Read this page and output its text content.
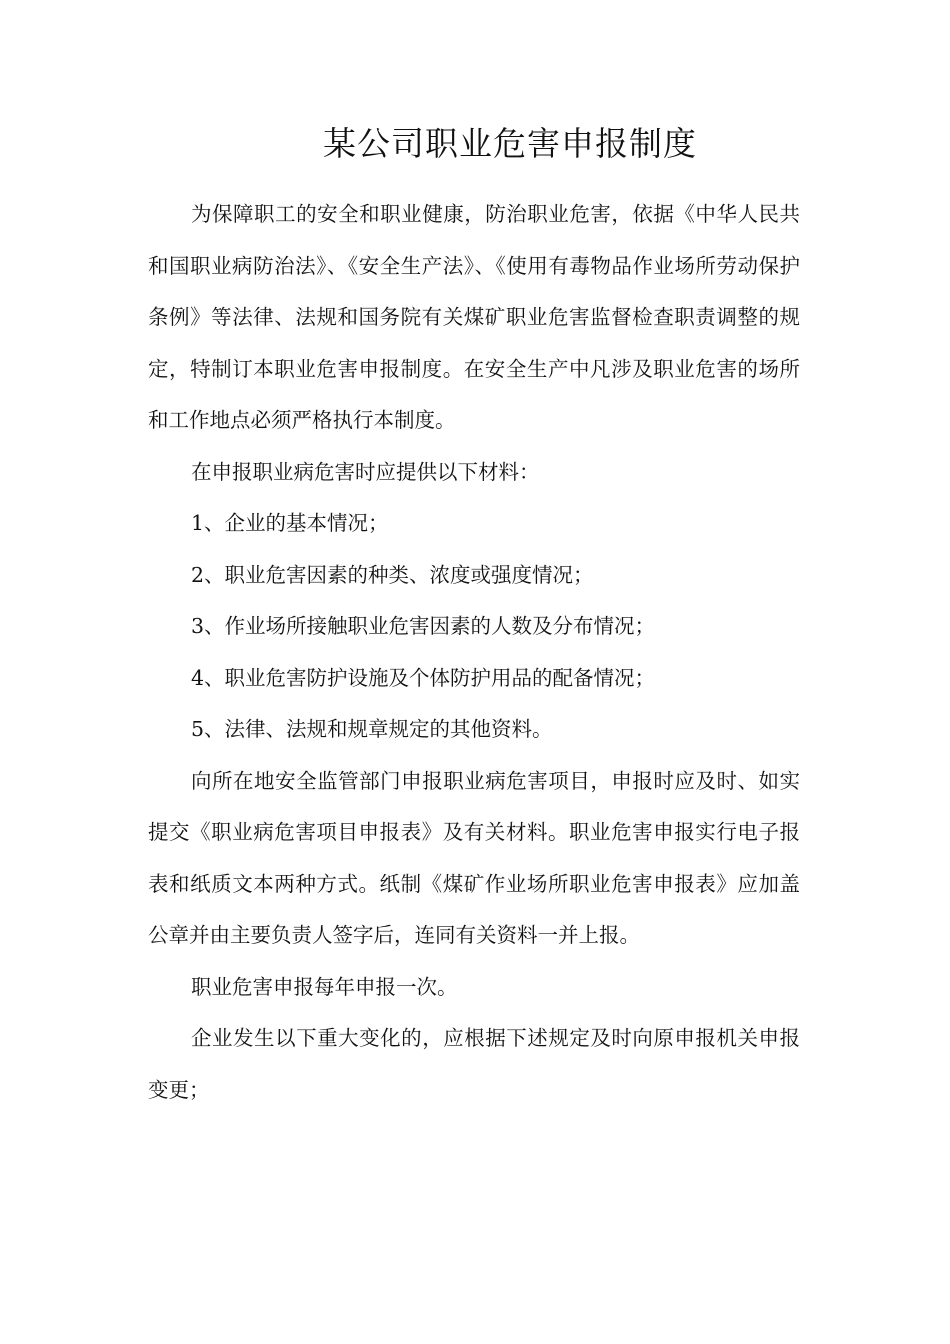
某公司职业危害申报制度

为保障职工的安全和职业健康，防治职业危害，依据《中华人民共和国职业病防治法》、《安全生产法》、《使用有毒物品作业场所劳动保护条例》等法律、法规和国务院有关煤矿职业危害监督检查职责调整的规定，特制订本职业危害申报制度。在安全生产中凡涉及职业危害的场所和工作地点必须严格执行本制度。

在申报职业病危害时应提供以下材料：

1、企业的基本情况；

2、职业危害因素的种类、浓度或强度情况；

3、作业场所接触职业危害因素的人数及分布情况；

4、职业危害防护设施及个体防护用品的配备情况；

5、法律、法规和规章规定的其他资料。

向所在地安全监管部门申报职业病危害项目，申报时应及时、如实提交《职业病危害项目申报表》及有关材料。职业危害申报实行电子报表和纸质文本两种方式。纸制《煤矿作业场所职业危害申报表》应加盖公章并由主要负责人签字后，连同有关资料一并上报。

职业危害申报每年申报一次。

企业发生以下重大变化的，应根据下述规定及时向原申报机关申报变更；
